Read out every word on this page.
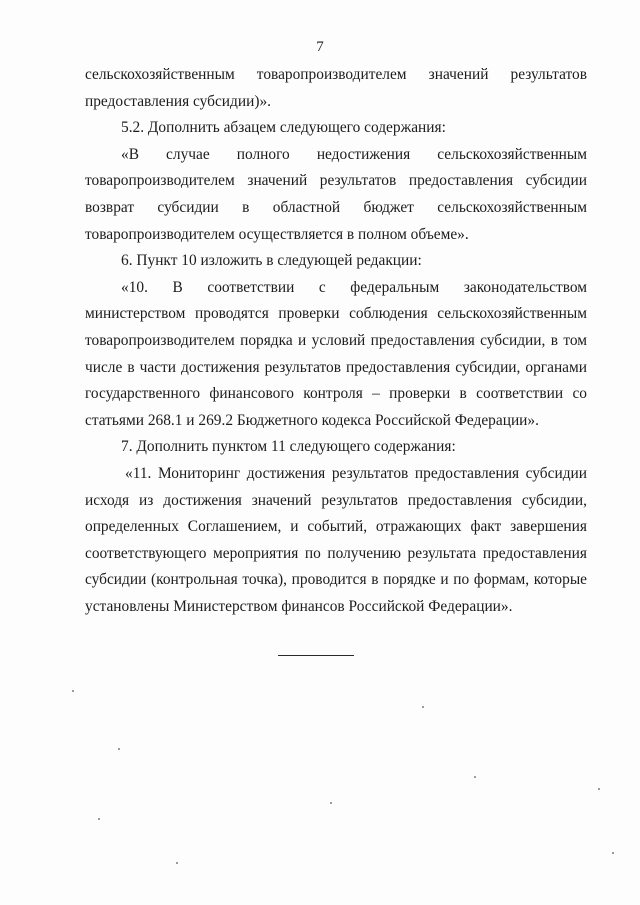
7

сельскохозяйственным товаропроизводителем значений результатов предоставления субсидии)».

5.2. Дополнить абзацем следующего содержания:

«В случае полного недостижения сельскохозяйственным товаропроизводителем значений результатов предоставления субсидии возврат субсидии в областной бюджет сельскохозяйственным товаропроизводителем осуществляется в полном объеме».

6. Пункт 10 изложить в следующей редакции:

«10. В соответствии с федеральным законодательством министерством проводятся проверки соблюдения сельскохозяйственным товаропроизводителем порядка и условий предоставления субсидии, в том числе в части достижения результатов предоставления субсидии, органами государственного финансового контроля – проверки в соответствии со статьями 268.1 и 269.2 Бюджетного кодекса Российской Федерации».

7. Дополнить пунктом 11 следующего содержания:

«11. Мониторинг достижения результатов предоставления субсидии исходя из достижения значений результатов предоставления субсидии, определенных Соглашением, и событий, отражающих факт завершения соответствующего мероприятия по получению результата предоставления субсидии (контрольная точка), проводится в порядке и по формам, которые установлены Министерством финансов Российской Федерации».
